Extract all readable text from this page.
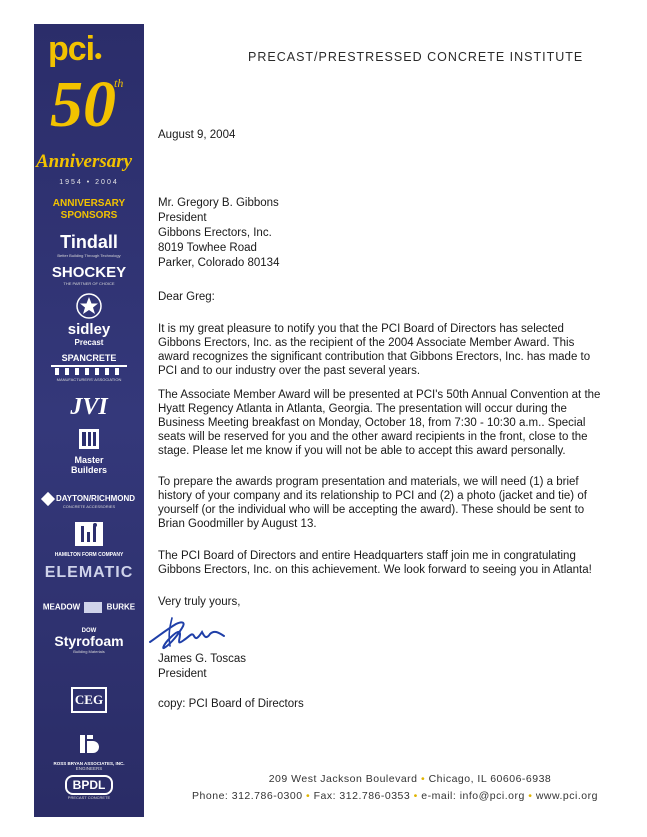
pci●
50
th
Anniversary
1954 • 2004
ANNIVERSARY
SPONSORS
Tindall
Better Building Through Technology
SHOCKEY
THE PARTNER OF CHOICE
sidley
Precast
SPANCRETE
MANUFACTURERS' ASSOCIATION
JVI
Master
Builders
DAYTON/RICHMOND
CONCRETE ACCESSORIES
HAMILTON FORM COMPANY
ELEMATIC
MEADOW	BURKE
DOW
Styrofoam
Building Materials
CEG
ROSS BRYAN ASSOCIATES, INC.
ENGINEERS
BPDL
PRECAST CONCRETE
PRECAST/PRESTRESSED CONCRETE INSTITUTE
August 9, 2004
Mr. Gregory B. Gibbons
President
Gibbons Erectors, Inc.
8019 Towhee Road
Parker, Colorado 80134
Dear Greg:
It is my great pleasure to notify you that the PCI Board of Directors has selected Gibbons Erectors, Inc. as the recipient of the 2004 Associate Member Award. This award recognizes the significant contribution that Gibbons Erectors, Inc. has made to PCI and to our industry over the past several years.
The Associate Member Award will be presented at PCI's 50th Annual Convention at the Hyatt Regency Atlanta in Atlanta, Georgia. The presentation will occur during the Business Meeting breakfast on Monday, October 18, from 7:30 - 10:30 a.m.. Special seats will be reserved for you and the other award recipients in the front, close to the stage. Please let me know if you will not be able to accept this award personally.
To prepare the awards program presentation and materials, we will need (1) a brief history of your company and its relationship to PCI and (2) a photo (jacket and tie) of yourself (or the individual who will be accepting the award). These should be sent to Brian Goodmiller by August 13.
The PCI Board of Directors and entire Headquarters staff join me in congratulating Gibbons Erectors, Inc. on this achievement. We look forward to seeing you in Atlanta!
Very truly yours,
James G. Toscas
President
copy: PCI Board of Directors
209 West Jackson Boulevard • Chicago, IL 60606-6938
Phone: 312.786-0300 • Fax: 312.786-0353 • e-mail: info@pci.org • www.pci.org
